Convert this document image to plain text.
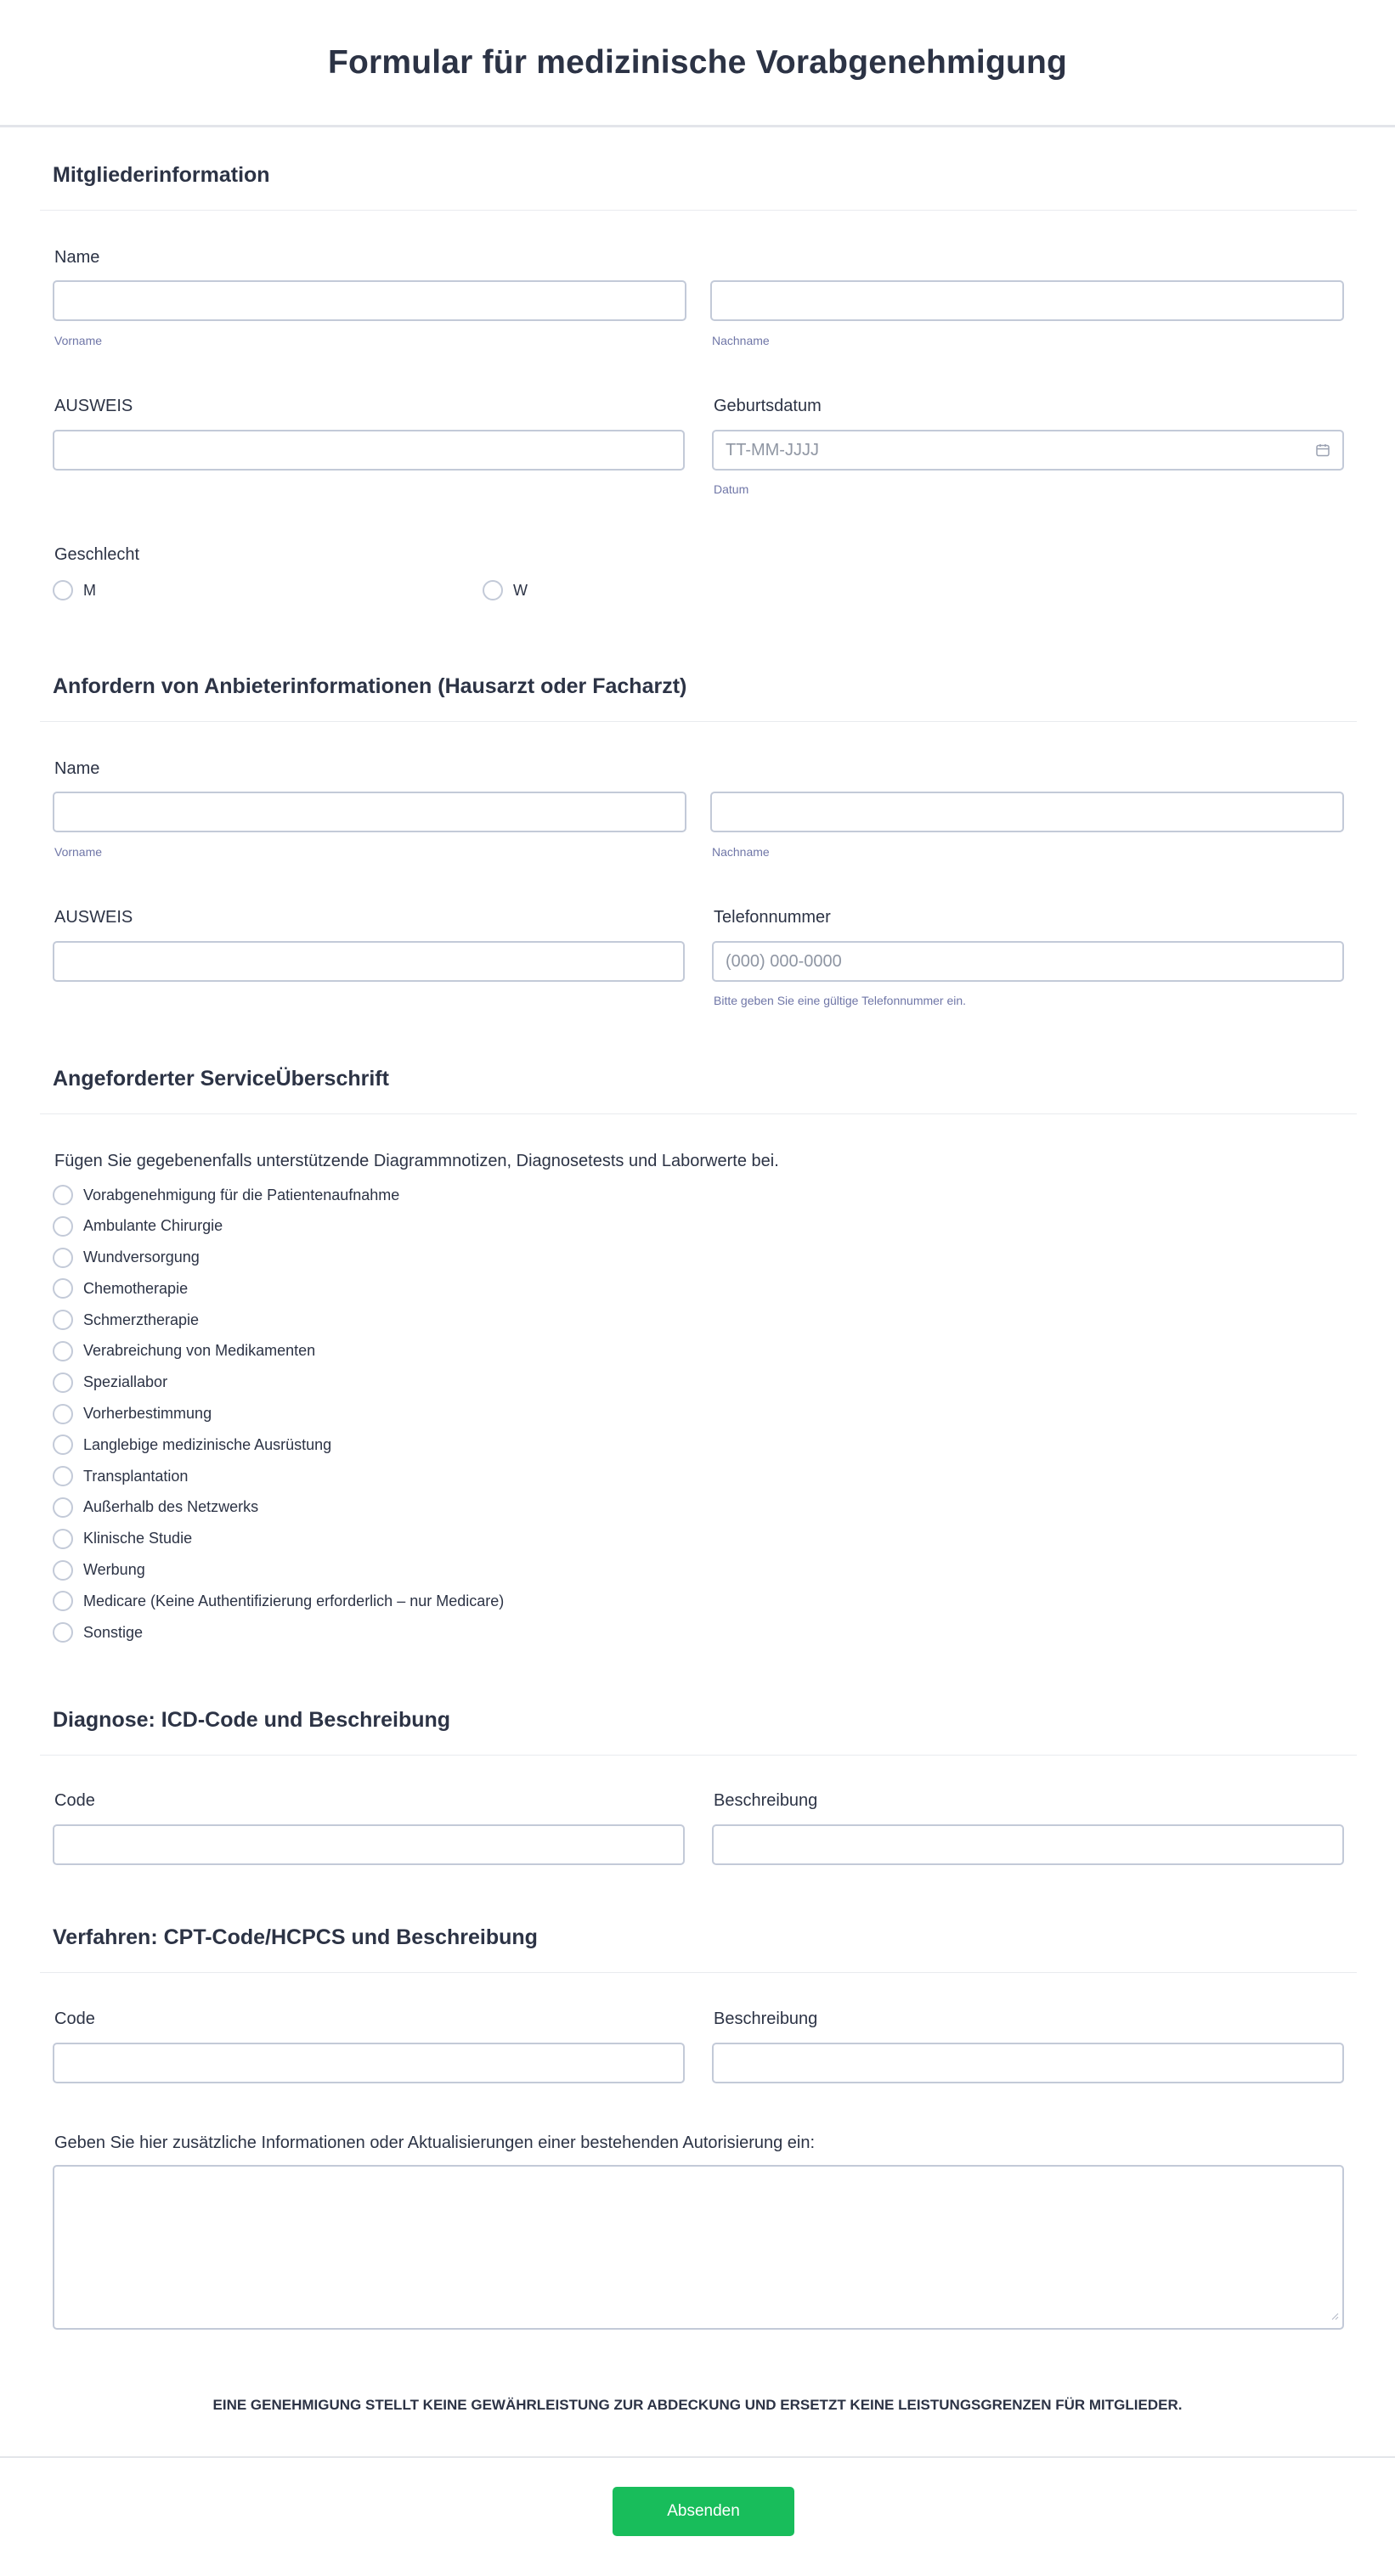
Formular für medizinische Vorabgenehmigung
Mitgliederinformation
Name
Vorname	Nachname
AUSWEIS	Geburtsdatum
TT-MM-JJJJ
Datum
Geschlecht
M	W
Anfordern von Anbieterinformationen (Hausarzt oder Facharzt)
Name
Vorname	Nachname
AUSWEIS	Telefonnummer
(000) 000-0000
Bitte geben Sie eine gültige Telefonnummer ein.
Angeforderter ServiceÜberschrift
Fügen Sie gegebenenfalls unterstützende Diagrammnotizen, Diagnosetests und Laborwerte bei.
Vorabgenehmigung für die Patientenaufnahme
Ambulante Chirurgie
Wundversorgung
Chemotherapie
Schmerztherapie
Verabreichung von Medikamenten
Speziallabor
Vorherbestimmung
Langlebige medizinische Ausrüstung
Transplantation
Außerhalb des Netzwerks
Klinische Studie
Werbung
Medicare (Keine Authentifizierung erforderlich – nur Medicare)
Sonstige
Diagnose: ICD-Code und Beschreibung
Code	Beschreibung
Verfahren: CPT-Code/HCPCS und Beschreibung
Code	Beschreibung
Geben Sie hier zusätzliche Informationen oder Aktualisierungen einer bestehenden Autorisierung ein:
EINE GENEHMIGUNG STELLT KEINE GEWÄHRLEISTUNG ZUR ABDECKUNG UND ERSETZT KEINE LEISTUNGSGRENZEN FÜR MITGLIEDER.
Absenden
